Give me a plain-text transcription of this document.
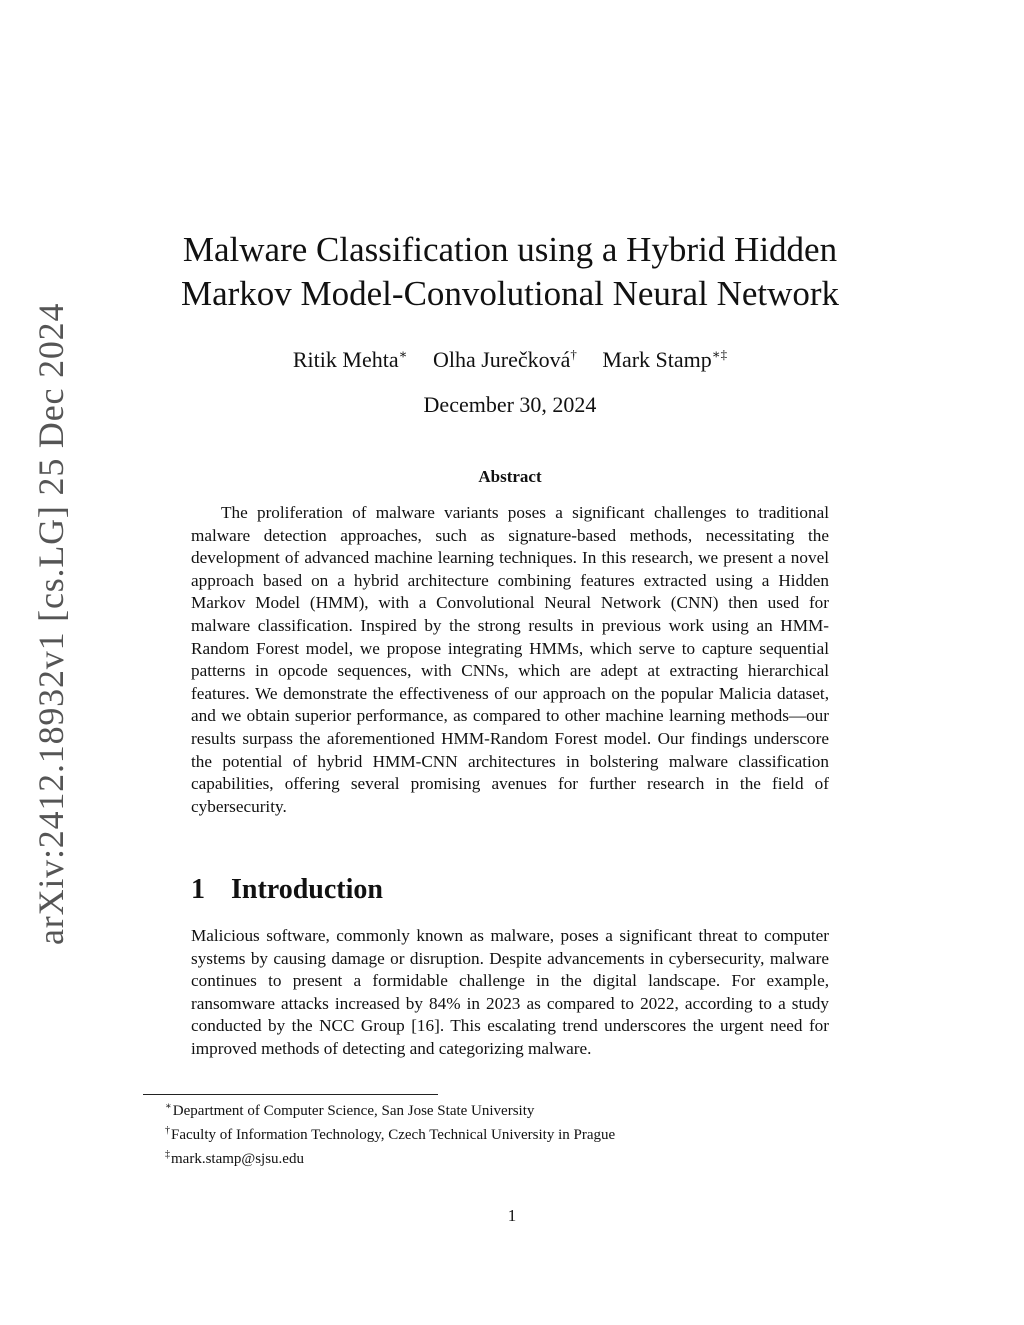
arXiv:2412.18932v1 [cs.LG] 25 Dec 2024
Malware Classification using a Hybrid Hidden
Markov Model-Convolutional Neural Network
Ritik Mehta∗ Olha Jurečková† Mark Stamp∗‡
December 30, 2024
Abstract

The proliferation of malware variants poses a significant challenges to traditional malware detection approaches, such as signature-based methods, necessitating the development of advanced machine learning techniques. In this research, we present a novel approach based on a hybrid architecture combining features extracted using a Hidden Markov Model (HMM), with a Convolutional Neural Network (CNN) then used for malware classification. Inspired by the strong results in previous work using an HMM-Random Forest model, we propose integrating HMMs, which serve to capture sequential patterns in opcode sequences, with CNNs, which are adept at extracting hierarchical features. We demonstrate the effectiveness of our approach on the popular Malicia dataset, and we obtain superior performance, as compared to other machine learning methods—our results surpass the aforementioned HMM-Random Forest model. Our findings underscore the potential of hybrid HMM-CNN architectures in bolstering malware classification capabilities, offering several promising avenues for further research in the field of cybersecurity.

1 Introduction

Malicious software, commonly known as malware, poses a significant threat to computer systems by causing damage or disruption. Despite advancements in cybersecurity, malware continues to present a formidable challenge in the digital landscape. For example, ransomware attacks increased by 84% in 2023 as compared to 2022, according to a study conducted by the NCC Group [16]. This escalating trend underscores the urgent need for improved methods of detecting and categorizing malware.

∗Department of Computer Science, San Jose State University
†Faculty of Information Technology, Czech Technical University in Prague
‡mark.stamp@sjsu.edu
1
